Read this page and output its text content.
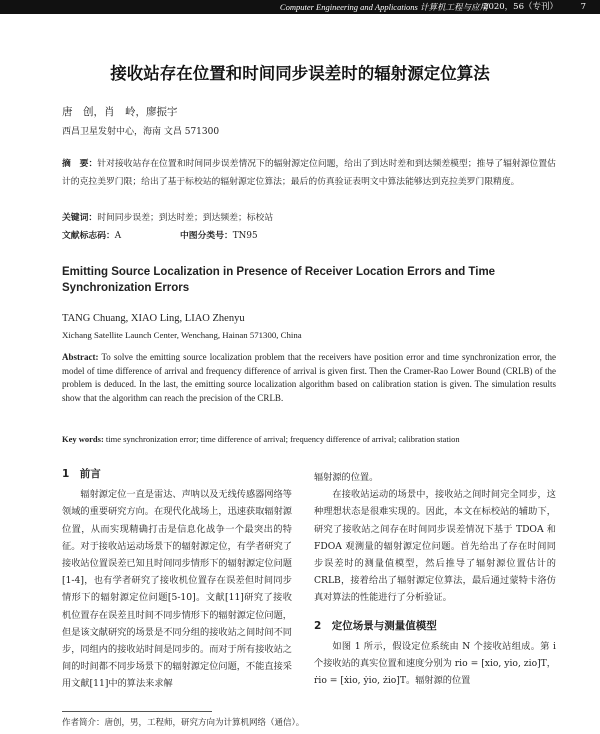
Computer Engineering and Applications 计算机工程与应用
2020，56（专刊）	7
接收站存在位置和时间同步误差时的辐射源定位算法
唐　创，肖　岭，廖振宇
西昌卫星发射中心，海南 文昌 571300
摘　要：针对接收站存在位置和时间同步误差情况下的辐射源定位问题，给出了到达时差和到达频差模型；推导了辐射源位置估计的克拉美罗门限；给出了基于标校站的辐射源定位算法；最后的仿真验证表明文中算法能够达到克拉美罗门限精度。
关键词：时间同步误差；到达时差；到达频差；标校站
文献标志码：A	中图分类号：TN95
Emitting Source Localization in Presence of Receiver Location Errors and Time Synchronization Errors
TANG Chuang, XIAO Ling, LIAO Zhenyu
Xichang Satellite Launch Center, Wenchang, Hainan 571300, China
Abstract: To solve the emitting source localization problem that the receivers have position error and time synchronization error, the model of time difference of arrival and frequency difference of arrival is given first. Then the Cramer-Rao Lower Bound (CRLB) of the problem is deduced. In the last, the emitting source localization algorithm based on calibration station is given. The simulation results show that the algorithm can reach the precision of the CRLB.
Key words: time synchronization error; time difference of arrival; frequency difference of arrival; calibration station
1　前言

辐射源定位一直是雷达、声呐以及无线传感器网络等领域的重要研究方向。在现代化战场上，迅速获取辐射源位置，从而实现精确打击是信息化战争一个最突出的特征。对于接收站运动场景下的辐射源定位，有学者研究了接收站位置误差已知且时间同步情形下的辐射源定位问题[1-4]，也有学者研究了接收机位置存在误差但时间同步情形下的辐射源定位问题[5-10]。文献[11]研究了接收机位置存在误差且时间不同步情形下的辐射源定位问题，但是该文献研究的场景是不同分组的接收站之间时间不同步，同组内的接收站时间是同步的。而对于所有接收站之间的时间都不同步场景下的辐射源定位问题，不能直接采用文献[11]中的算法来求解

辐射源的位置。

在接收站运动的场景中，接收站之间时间完全同步，这种理想状态是很难实现的。因此，本文在标校站的辅助下，研究了接收站之间存在时间同步误差情况下基于 TDOA 和 FDOA 观测量的辐射源定位问题。首先给出了存在时间同步误差时的测量值模型，然后推导了辐射源位置估计的 CRLB，接着给出了辐射源定位算法，最后通过蒙特卡洛仿真对算法的性能进行了分析验证。

2　定位场景与测量值模型

如图 1 所示，假设定位系统由 N 个接收站组成。第 i 个接收站的真实位置和速度分别为 rio = [xio, yio, zio]T，ṙio = [ẋio, ẏio, żio]T。辐射源的位置

作者简介：唐创，男，工程师，研究方向为计算机网络（通信）。
